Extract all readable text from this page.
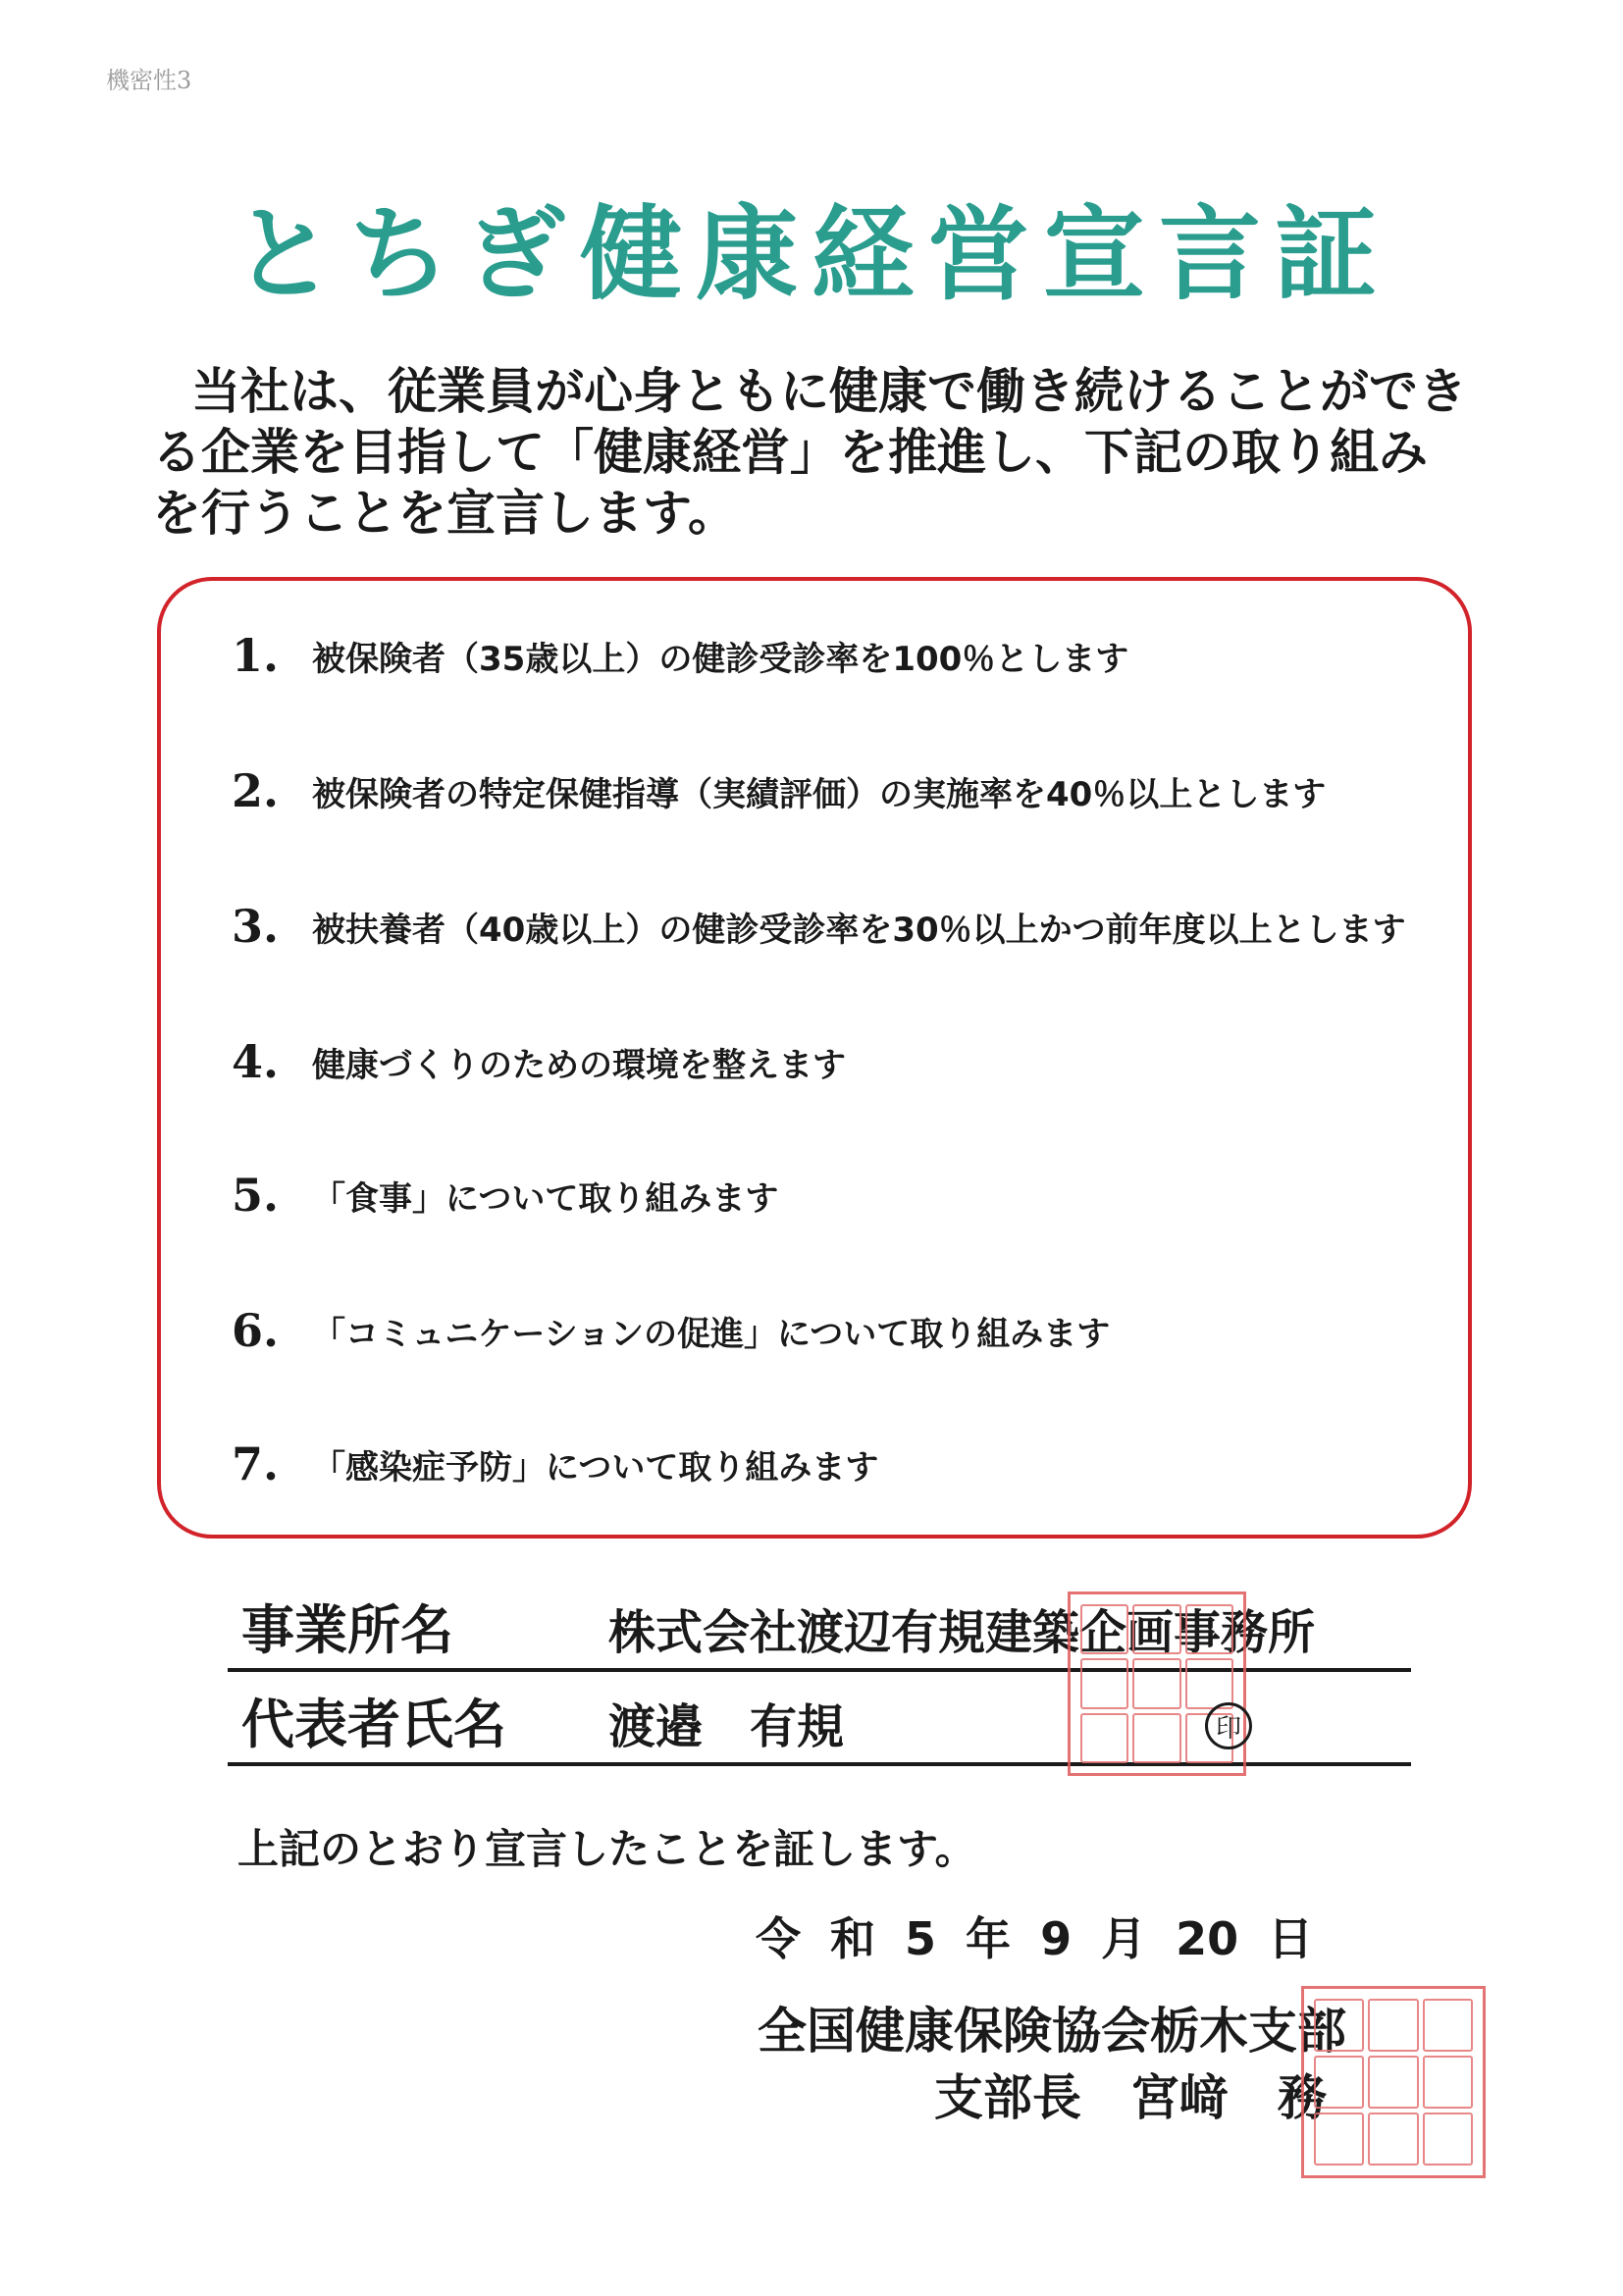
機密性3
とちぎ健康経営宣言証
当社は、従業員が心身ともに健康で働き続けることができる企業を目指して「健康経営」を推進し、下記の取り組みを行うことを宣言します。
1. 被保険者（35歳以上）の健診受診率を100％とします
2. 被保険者の特定保健指導（実績評価）の実施率を40％以上とします
3. 被扶養者（40歳以上）の健診受診率を30％以上かつ前年度以上とします
4. 健康づくりのための環境を整えます
5. 「食事」について取り組みます
6. 「コミュニケーションの促進」について取り組みます
7. 「感染症予防」について取り組みます
事業所名	株式会社渡辺有規建築企画事務所
代表者氏名 渡邉　有規	印
上記のとおり宣言したことを証します。
令 和 5 年 9 月 20 日
全国健康保険協会栃木支部
支部長　宮﨑　務
